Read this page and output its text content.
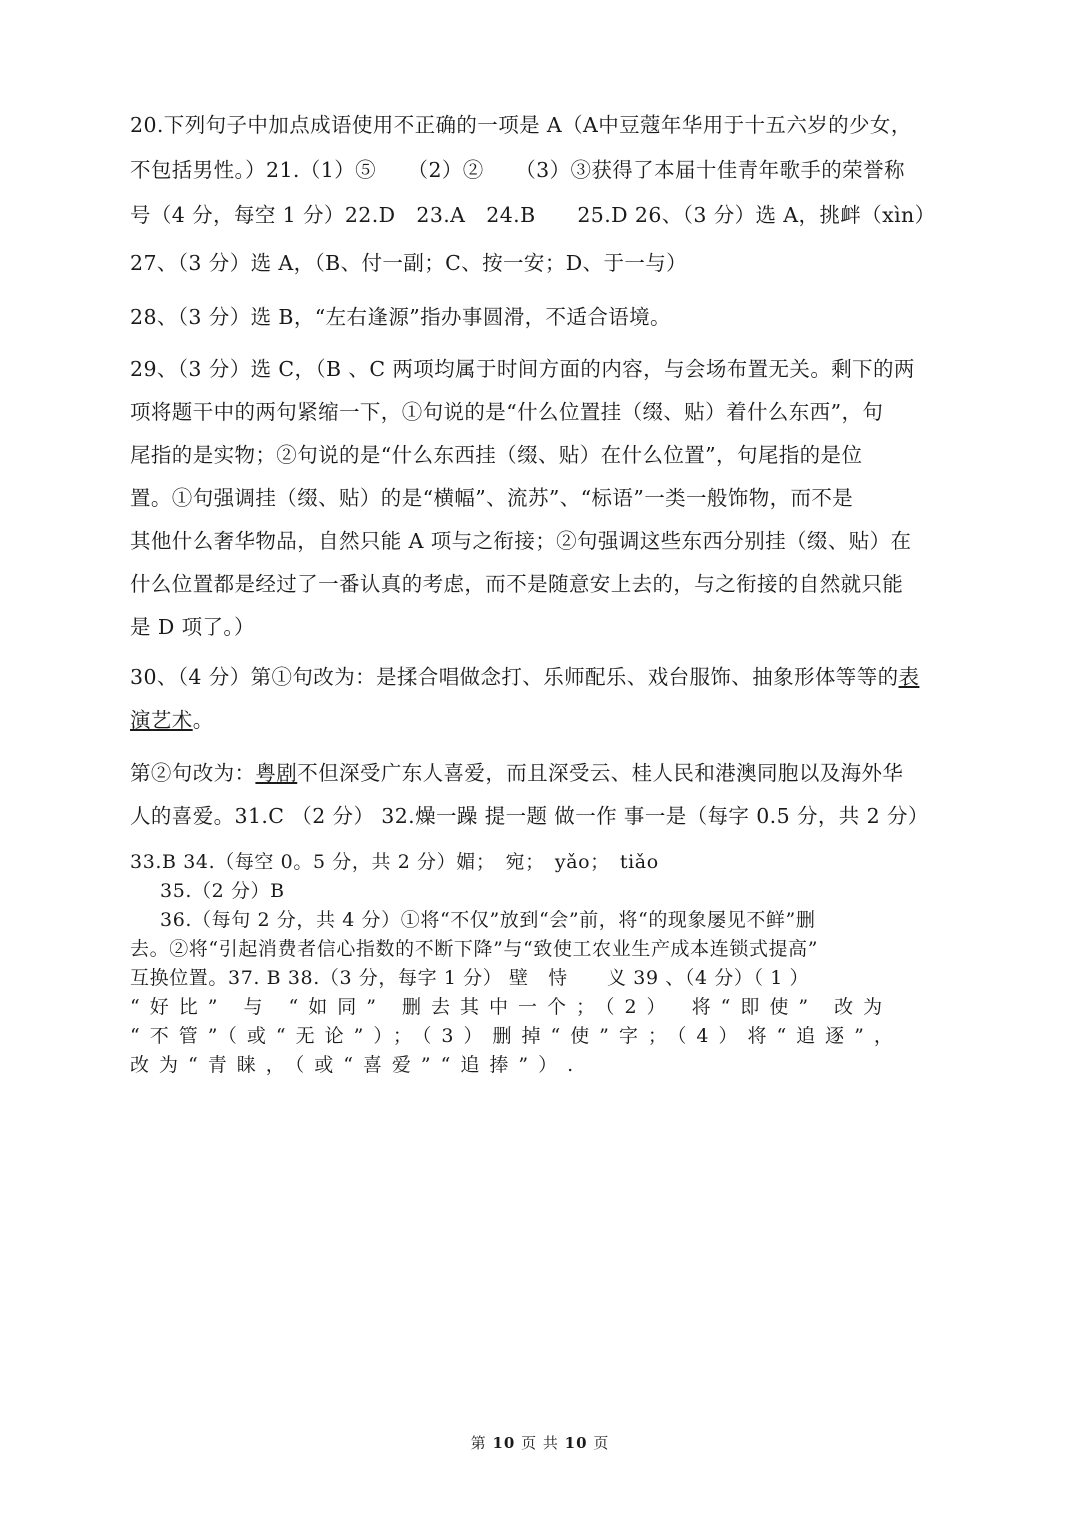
20.下列句子中加点成语使用不正确的一项是 A（A中豆蔻年华用于十五六岁的少女，
不包括男性。）21.（1）⑤　　（2）②　　（3）③获得了本届十佳青年歌手的荣誉称
号（4 分，每空 1 分）22.D　23.A　24.B　　25.D 26、（3 分）选 A，挑衅（xìn）
27、（3 分）选 A，（B、付一副；C、按一安；D、于一与）
28、（3 分）选 B，“左右逢源”指办事圆滑，不适合语境。
29、（3 分）选 C，（B 、C 两项均属于时间方面的内容，与会场布置无关。剩下的两
项将题干中的两句紧缩一下，①句说的是“什么位置挂（缀、贴）着什么东西”，句
尾指的是实物；②句说的是“什么东西挂（缀、贴）在什么位置”，句尾指的是位
置。①句强调挂（缀、贴）的是“横幅”、流苏”、“标语”一类一般饰物，而不是
其他什么奢华物品，自然只能 A 项与之衔接；②句强调这些东西分别挂（缀、贴）在
什么位置都是经过了一番认真的考虑，而不是随意安上去的，与之衔接的自然就只能
是 D 项了。）
30、（4 分）第①句改为：是揉合唱做念打、乐师配乐、戏台服饰、抽象形体等等的表
演艺术。
第②句改为：粤剧不但深受广东人喜爱，而且深受云、桂人民和港澳同胞以及海外华
人的喜爱。31.C （2 分） 32.燥一躁 提一题 做一作 事一是（每字 0.5 分，共 2 分）
33.B 34.（每空 0。5 分，共 2 分）媚；　宛；　yǎo；　tiǎo
35.（2 分）B
36.（每句 2 分，共 4 分）①将“不仅”放到“会”前，将“的现象屡见不鲜”删
去。②将“引起消费者信心指数的不断下降”与“致使工农业生产成本连锁式提高”
互换位置。37. B 38.（3 分，每字 1 分） 壁　恃　　义 39 、（4 分）（ 1 ）
“好比” 与 “如同” 删去其中一个；（2） 将“即使” 改为
“不管”（或“无论”）；（3）删掉“使”字；（4）将“追逐”，
改为“青睐，（或“喜爱”“追捧”）.
第 10 页 共 10 页
